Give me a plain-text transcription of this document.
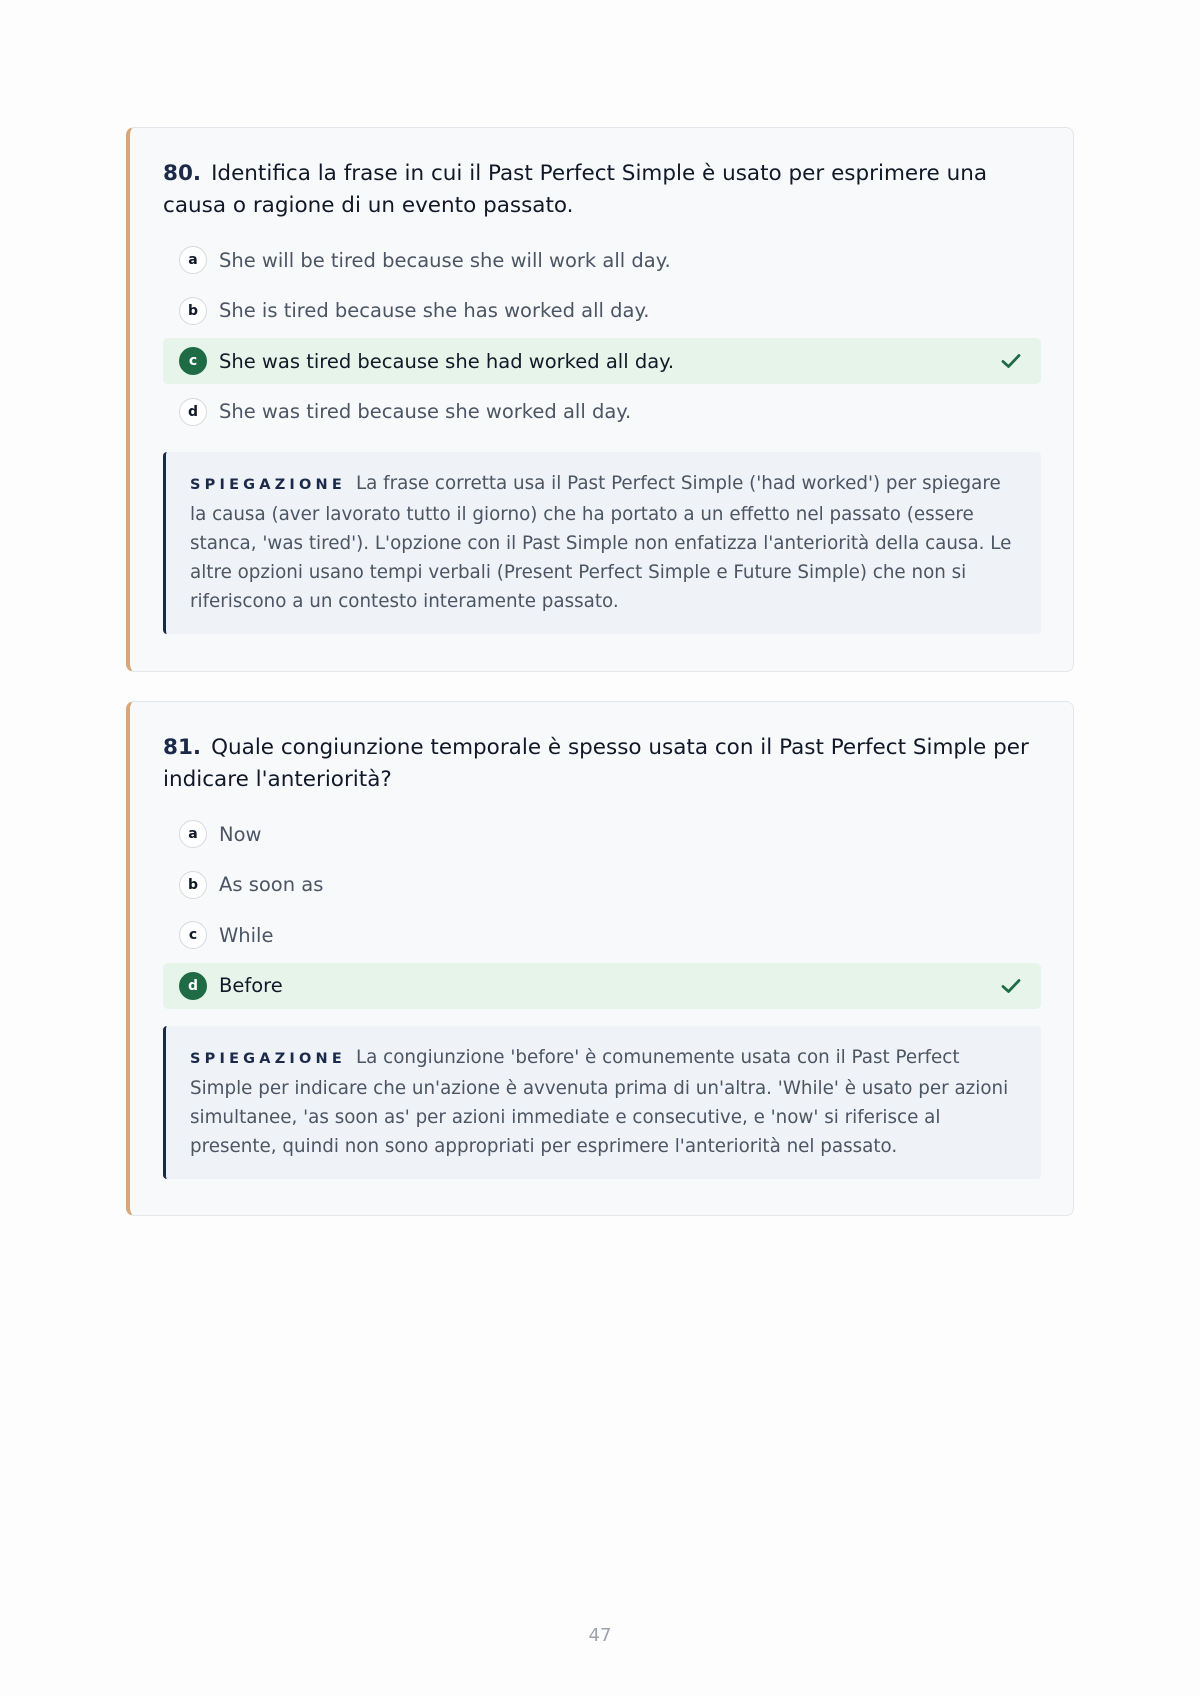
80. Identifica la frase in cui il Past Perfect Simple è usato per esprimere una causa o ragione di un evento passato.

a	She will be tired because she will work all day.
b	She is tired because she has worked all day.
c	She was tired because she had worked all day.
d	She was tired because she worked all day.
SPIEGAZIONE La frase corretta usa il Past Perfect Simple ('had worked') per spiegare la causa (aver lavorato tutto il giorno) che ha portato a un effetto nel passato (essere stanca, 'was tired'). L'opzione con il Past Simple non enfatizza l'anteriorità della causa. Le altre opzioni usano tempi verbali (Present Perfect Simple e Future Simple) che non si riferiscono a un contesto interamente passato.

81. Quale congiunzione temporale è spesso usata con il Past Perfect Simple per indicare l'anteriorità?

a	Now
b	As soon as
c	While
d	Before
SPIEGAZIONE La congiunzione 'before' è comunemente usata con il Past Perfect Simple per indicare che un'azione è avvenuta prima di un'altra. 'While' è usato per azioni simultanee, 'as soon as' per azioni immediate e consecutive, e 'now' si riferisce al presente, quindi non sono appropriati per esprimere l'anteriorità nel passato.
47
